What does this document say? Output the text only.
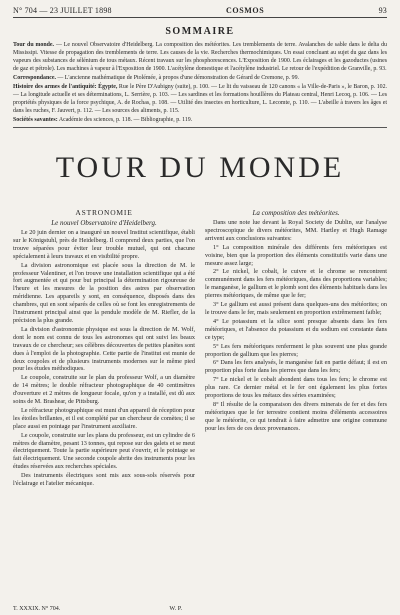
N° 704 — 23 JUILLET 1898	COSMOS	93
SOMMAIRE

Tour du monde. — Le nouvel Observatoire d'Heidelberg. La composition des météorites. Les tremblements de terre. Avalanches de sable dans le delta du Mississipi. Vitesse de propagation des tremblements de terre. Les causes de la vie. Recherches thermochimiques. Un essai concluant au sujet du gaz dans les vapeurs des substances de sélénium de tous métaux. Récent travaux sur les phosphorescences. L'Exposition de 1900. Les éclairages et les gazoductes (usines de gaz et pétrole). Les machines à vapeur à l'Exposition de 1900. L'acétylène domestique et l'acétylène industriel. Le retour de l'expédition de Granville, p. 93.

Correspondance. — L'ancienne mathématique de Ptolémée, à propos d'une démonstration de Gérard de Cremone, p. 99.

Histoire des armes de l'antiquité: Égypte, Rue le Père D'Aubigny (suite), p. 100. — Le lit du vaisseau de 120 canons « la Ville-de-Paris », le Baron, p. 102. — La longitude actuelle et ses déterminations, L. Serrière, p. 103. — Les sardines et les formations houillères du Plateau central, Henri Lecoq, p. 106. — Les propriétés physiques de la force psychique, A. de Rochas, p. 108. — Utilité des insectes en horticulture, L. Lecomte, p. 110. — L'abeille à travers les âges et dans les ruches, F. Jauvert, p. 112. — Les sources des aliments, p. 115.

Sociétés savantes: Académie des sciences, p. 118. — Bibliographie, p. 119.

TOUR DU MONDE
ASTRONOMIE
Le nouvel Observatoire d'Heidelberg.

Le 20 juin dernier on a inauguré un nouvel Institut scientifique, établi sur le Königstuhl, près de Heidelberg. Il comprend deux parties, que l'on trouve séparées pour éviter leur trouble mutuel, qui ont chacune spécialement à leurs travaux et en visibilité propre.

La division astronomique est placée sous la direction de M. le professeur Valentiner, et l'on trouve une installation scientifique qui a été fort augmentée et qui pour but principal la détermination rigoureuse de l'heure et les mesures de la position des astres par observation méridienne. Les appareils y sont, en conséquence, disposés dans des chambres, qui en sont séparés de celles où se font les enregistrements de l'instrument principal ainsi que la pendule modèle de M. Riefler, de la précision la plus grande.

La division d'astronomie physique est sous la direction de M. Wolf, dont le nom est connu de tous les astronomes qui ont suivi les beaux travaux de ce chercheur; ses célèbres découvertes de petites planètes sont dues à l'emploi de la photographie. Cette partie de l'institut est munie de deux coupoles et de plusieurs instruments modernes sur le même pied pour les études méthodiques.

Le coupole, construite sur le plan du professeur Wolf, a un diamètre de 14 mètres; le double réfracteur photographique de 40 centimètres d'ouverture et 2 mètres de longueur focale, qu'on y a installé, est dû aux soins de M. Brashear, de Pittsburg.

Le réfracteur photographique est muni d'un appareil de réception pour les étoiles brillantes, et il est complété par un chercheur de comètes; il se place aussi en pointage par l'instrument auxiliaire.

Le coupole, construite sur les plans du professeur, est un cylindre de 6 mètres de diamètre, pesant 13 tonnes, qui repose sur des galets et se meut électriquement. Toute la partie supérieure peut s'ouvrir, et le pointage se fait électriquement. Une seconde coupole abrite des instruments pour les études réservées aux recherches spéciales.

Des instruments électriques sont mis aux sous-sols réservés pour l'éclairage et l'atelier mécanique.

La composition des météorites.

Dans une note lue devant la Royal Society de Dublin, sur l'analyse spectroscopique de divers météorites, MM. Hartley et Hugh Ramage arrivent aux conclusions suivantes:

1° La composition minérale des différents fers météoriques est voisine, bien que la proportion des éléments constitutifs varie dans une mesure assez large;

2° Le nickel, le cobalt, le cuivre et le chrome se rencontrent communément dans les fers météoriques, dans des proportions variables; le manganèse, le gallium et le plomb sont des éléments habituels dans les pierres météoriques, de même que le fer;

3° Le gallium est aussi présent dans quelques-uns des météorites; on le trouve dans le fer, mais seulement en proportion extrêmement faible;

4° Le potassium et la silice sont presque absents dans les fers météoriques, et l'absence du potassium et du sodium est constante dans ce type;

5° Les fers météoriques renferment le plus souvent une plus grande proportion de gallium que les pierres;

6° Dans les fers analysés, le manganèse fait en partie défaut; il est en proportion plus forte dans les pierres que dans les fers;

7° Le nickel et le cobalt abondent dans tous les fers; le chrome est plus rare. Ce dernier métal et le fer ont également les plus fortes proportions de tous les métaux des séries examinées;

8° Il résulte de la comparaison des divers minerais de fer et des fers météoriques que le fer terrestre contient moins d'éléments accessoires que le météorite, ce qui tendrait à faire admettre une origine commune pour les fers de ces deux provenances.

T. XXXIX. N° 704.	W. P.
